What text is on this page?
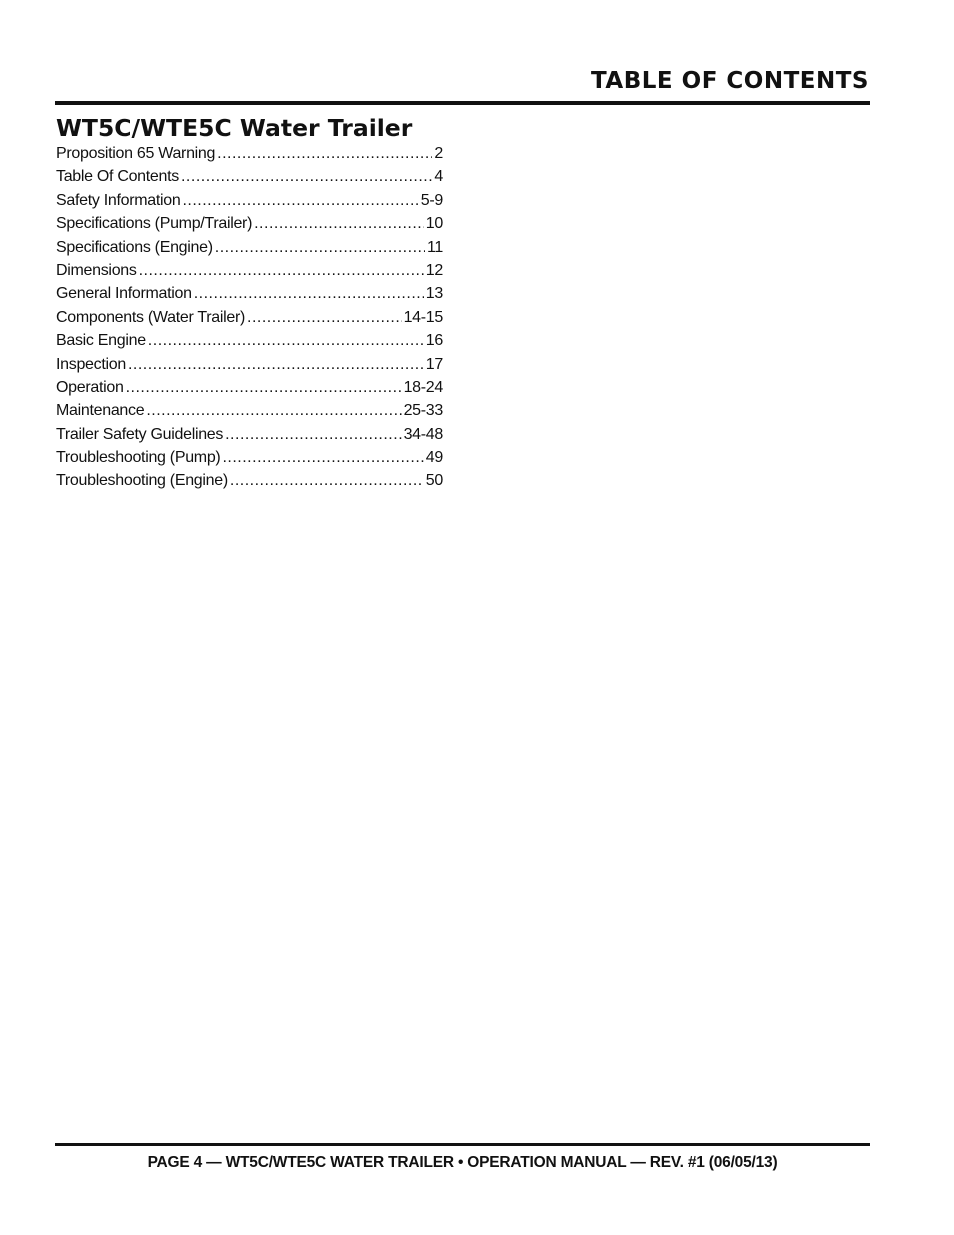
TABLE OF CONTENTS
WT5C/WTE5C Water Trailer
Proposition 65 Warning .....	2
Table Of Contents .....	4
Safety Information .....	5-9
Specifications (Pump/Trailer) .....	10
Specifications (Engine) .....	11
Dimensions .....	12
General Information .....	13
Components (Water Trailer) .....	14-15
Basic Engine .....	16
Inspection .....	17
Operation .....	18-24
Maintenance .....	25-33
Trailer Safety Guidelines .....	34-48
Troubleshooting (Pump) .....	49
Troubleshooting (Engine) .....	50
PAGE 4 — WT5C/WTE5C WATER TRAILER • OPERATION MANUAL — REV. #1 (06/05/13)
